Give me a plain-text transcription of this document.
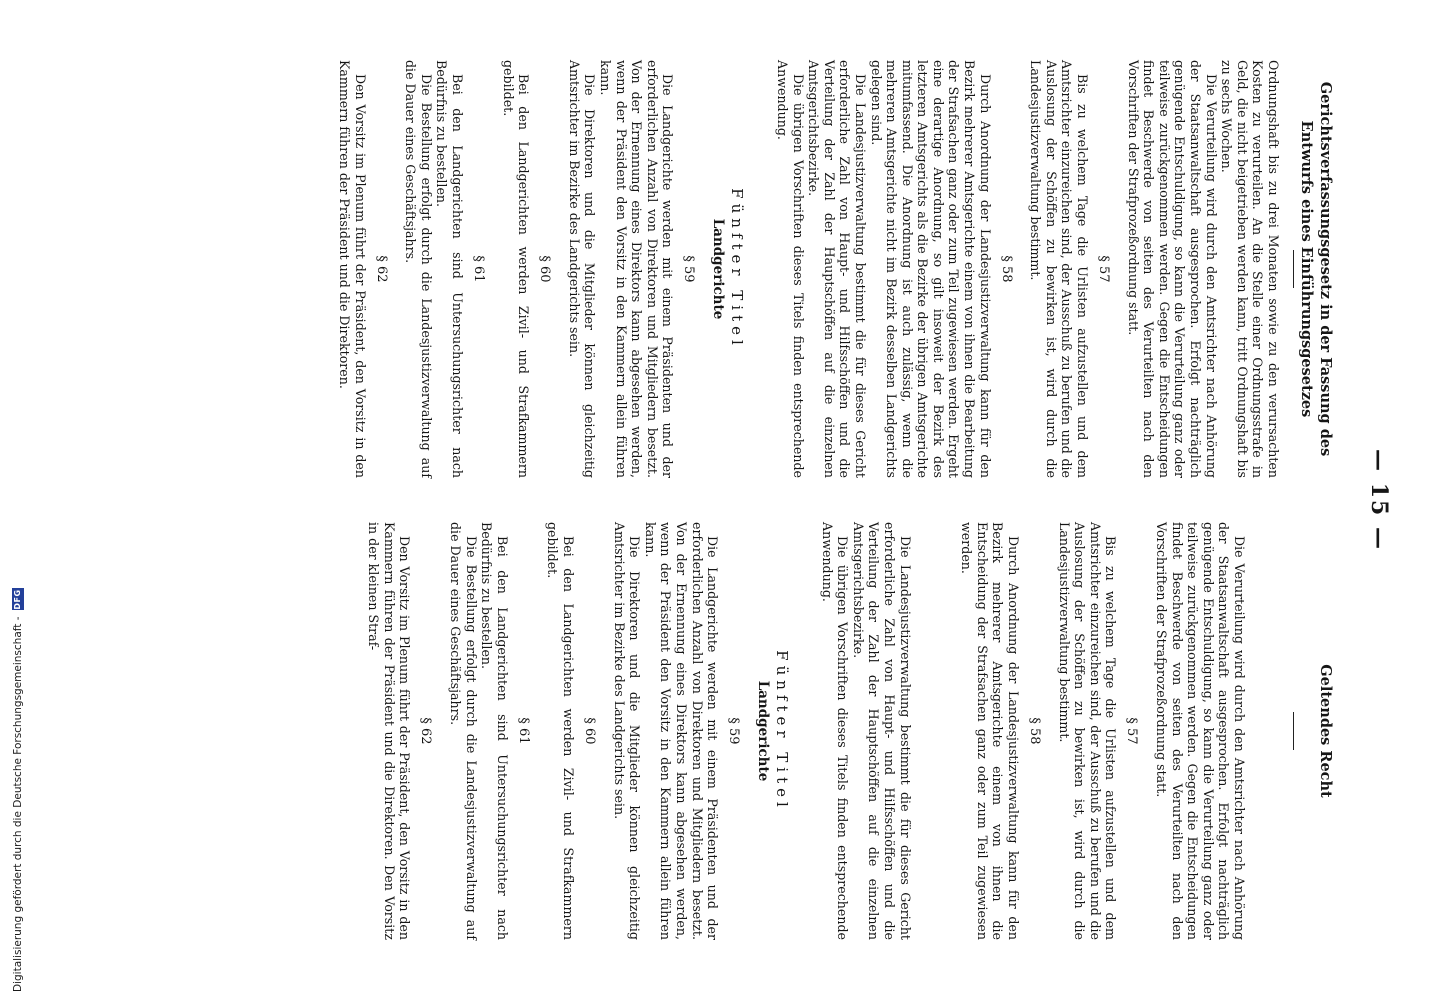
— 15 —
Gerichtsverfassungsgesetz in der Fassung des
Entwurfs eines Einführungsgesetzes

Ordnungshaft bis zu drei Monaten sowie zu den verursachten Kosten zu verurteilen. An die Stelle einer Ordnungsstrafe in Geld, die nicht beigetrieben werden kann, tritt Ordnungshaft bis zu sechs Wochen.

Die Verurteilung wird durch den Amtsrichter nach Anhörung der Staatsanwaltschaft ausgesprochen. Erfolgt nachträglich genügende Entschuldigung, so kann die Verurteilung ganz oder teilweise zurückgenommen werden. Gegen die Entscheidungen findet Beschwerde von seiten des Verurteilten nach den Vorschriften der Strafprozeßordnung statt.

§ 57

Bis zu welchem Tage die Urlisten aufzustellen und dem Amtsrichter einzureichen sind, der Ausschuß zu berufen und die Auslosung der Schöffen zu bewirken ist, wird durch die Landesjustizverwaltung bestimmt.

§ 58

Durch Anordnung der Landesjustizverwaltung kann für den Bezirk mehrerer Amtsgerichte einem von ihnen die Bearbeitung der Strafsachen ganz oder zum Teil zugewiesen werden. Ergeht eine derartige Anordnung, so gilt insoweit der Bezirk des letzteren Amtsgerichts als die Bezirke der übrigen Amtsgerichte mitumfassend. Die Anordnung ist auch zulässig, wenn die mehreren Amtsgerichte nicht im Bezirk desselben Landgerichts gelegen sind.

Die Landesjustizverwaltung bestimmt die für dieses Gericht erforderliche Zahl von Haupt- und Hilfsschöffen und die Verteilung der Zahl der Hauptschöffen auf die einzelnen Amtsgerichtsbezirke.

Die übrigen Vorschriften dieses Titels finden entsprechende Anwendung.

Fünfter Titel
Landgerichte
§ 59

Die Landgerichte werden mit einem Präsidenten und der erforderlichen Anzahl von Direktoren und Mitgliedern besetzt. Von der Ernennung eines Direktors kann abgesehen werden, wenn der Präsident den Vorsitz in den Kammern allein führen kann.

Die Direktoren und die Mitglieder können gleichzeitig Amtsrichter im Bezirke des Landgerichts sein.

§ 60

Bei den Landgerichten werden Zivil- und Strafkammern gebildet.

§ 61

Bei den Landgerichten sind Untersuchungsrichter nach Bedürfnis zu bestellen.

Die Bestellung erfolgt durch die Landesjustizverwaltung auf die Dauer eines Geschäftsjahrs.

§ 62

Den Vorsitz im Plenum führt der Präsident, den Vorsitz in den Kammern führen der Präsident und die Direktoren.

Geltendes Recht

Die Verurteilung wird durch den Amtsrichter nach Anhörung der Staatsanwaltschaft ausgesprochen. Erfolgt nachträglich genügende Entschuldigung, so kann die Verurteilung ganz oder teilweise zurückgenommen werden. Gegen die Entscheidungen findet Beschwerde von seiten des Verurteilten nach den Vorschriften der Strafprozeßordnung statt.

§ 57

Bis zu welchem Tage die Urlisten aufzustellen und dem Amtsrichter einzureichen sind, der Ausschuß zu berufen und die Auslosung der Schöffen zu bewirken ist, wird durch die Landesjustizverwaltung bestimmt.

§ 58

Durch Anordnung der Landesjustizverwaltung kann für den Bezirk mehrerer Amtsgerichte einem von ihnen die Entscheidung der Strafsachen ganz oder zum Teil zugewiesen werden.

Die Landesjustizverwaltung bestimmt die für dieses Gericht erforderliche Zahl von Haupt- und Hilfsschöffen und die Verteilung der Zahl der Hauptschöffen auf die einzelnen Amtsgerichtsbezirke.

Die übrigen Vorschriften dieses Titels finden entsprechende Anwendung.

Fünfter Titel
Landgerichte
§ 59

Die Landgerichte werden mit einem Präsidenten und der erforderlichen Anzahl von Direktoren und Mitgliedern besetzt. Von der Ernennung eines Direktors kann abgesehen werden, wenn der Präsident den Vorsitz in den Kammern allein führen kann.

Die Direktoren und die Mitglieder können gleichzeitig Amtsrichter im Bezirke des Landgerichts sein.

§ 60

Bei den Landgerichten werden Zivil- und Strafkammern gebildet.

§ 61

Bei den Landgerichten sind Untersuchungsrichter nach Bedürfnis zu bestellen.

Die Bestellung erfolgt durch die Landesjustizverwaltung auf die Dauer eines Geschäftsjahrs.

§ 62

Den Vorsitz im Plenum führt der Präsident, den Vorsitz in den Kammern führen der Präsident und die Direktoren. Den Vorsitz in der kleinen Straf-

Digitalisierung gefördert durch die Deutsche Forschungsgemeinschaft -
DFG
